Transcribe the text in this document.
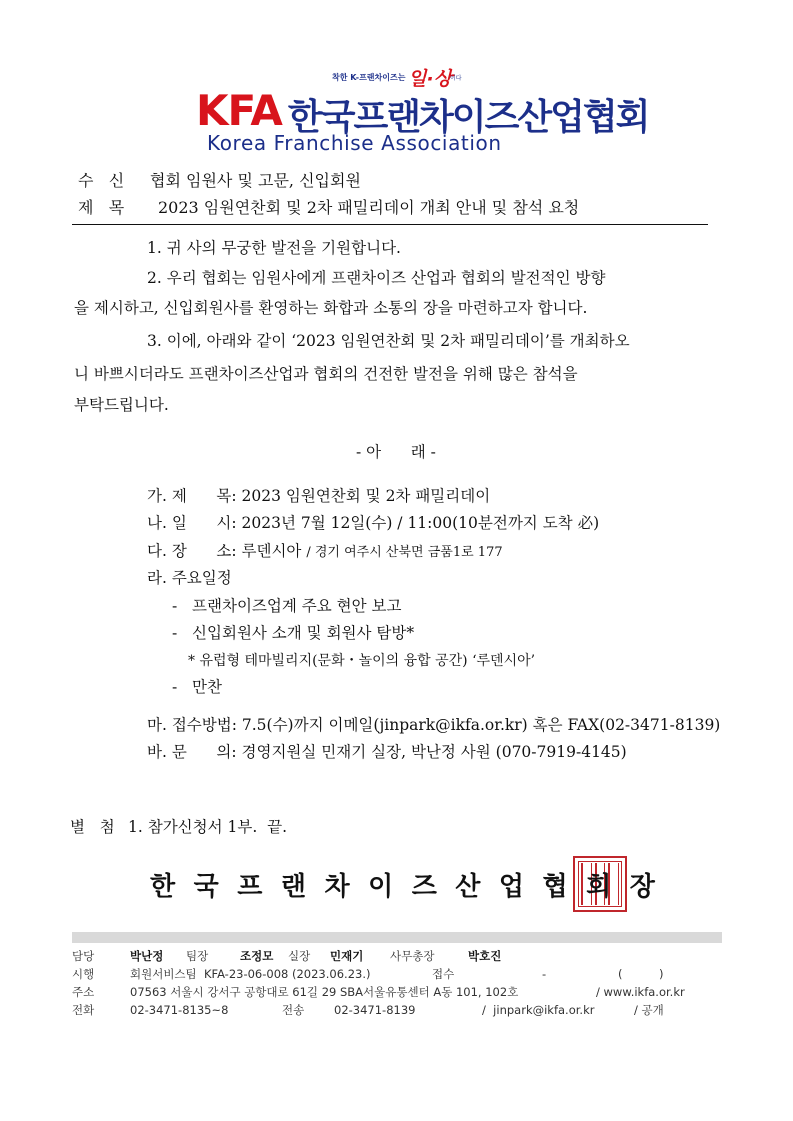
착한 K-프랜차이즈는 일·상
이다
KFA 한국프랜차이즈산업협회
Korea Franchise Association
수   신 협회 임원사 및 고문, 신입회원
제   목 2023 임원연찬회 및 2차 패밀리데이 개최 안내 및 참석 요청
1. 귀 사의 무궁한 발전을 기원합니다.
2. 우리 협회는 임원사에게 프랜차이즈 산업과 협회의 발전적인 방향
을 제시하고, 신입회원사를 환영하는 화합과 소통의 장을 마련하고자 합니다.
3. 이에, 아래와 같이 ‘2023 임원연찬회 및 2차 패밀리데이’를 개최하오
니 바쁘시더라도 프랜차이즈산업과 협회의 건전한 발전을 위해 많은 참석을
부탁드립니다.
- 아      래 -
가. 제      목: 2023 임원연찬회 및 2차 패밀리데이
나. 일      시: 2023년 7월 12일(수) / 11:00(10분전까지 도착 必)
다. 장      소: 루덴시아 / 경기 여주시 산북면 금품1로 177
라. 주요일정
-   프랜차이즈업계 주요 현안 보고
-   신입회원사 소개 및 회원사 탐방*
* 유럽형 테마빌리지(문화・놀이의 융합 공간) ‘루덴시아’
-   만찬
마. 접수방법: 7.5(수)까지 이메일(jinpark@ikfa.or.kr) 혹은 FAX(02-3471-8139)
바. 문      의: 경영지원실 민재기 실장, 박난정 사원 (070-7919-4145)
별   첨 1. 참가신청서 1부.  끝.
한국프랜차이즈산업협회장
담당	박난정 팀장	조정모 실장 민재기 사무총장	박호진
시행	회원서비스팀  KFA-23-06-008 (2023.06.23.)	접수	-	(          )
주소	07563 서울시 강서구 공항대로 61길 29 SBA서울유통센터 A동 101, 102호	/ www.ikfa.or.kr
전화	02-3471-8135~8	전송	02-3471-8139	/  jinpark@ikfa.or.kr	/ 공개
